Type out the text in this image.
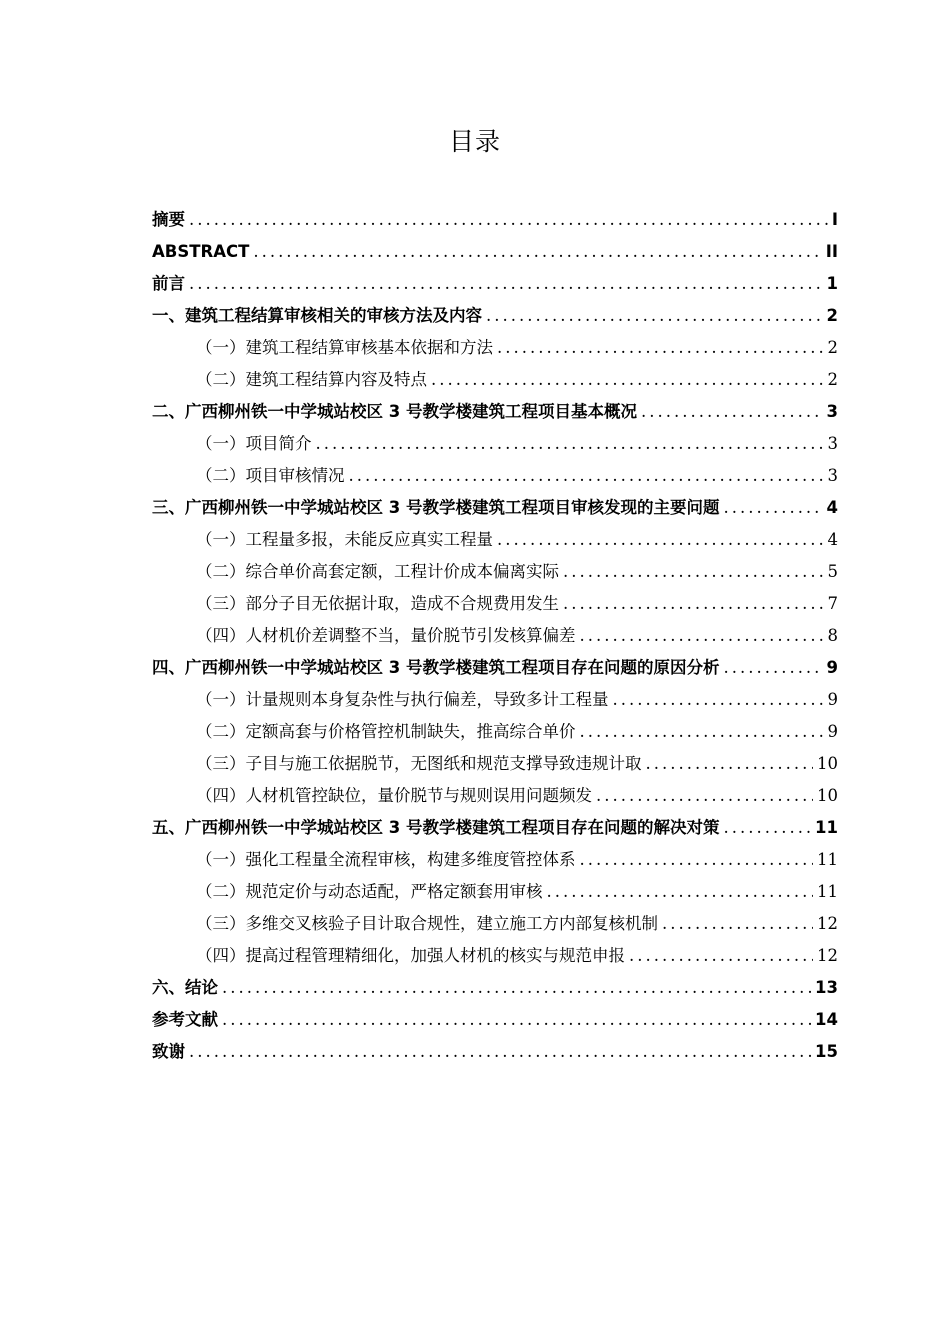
目录
摘要 .....	I
ABSTRACT .....	II
前言 .....	1
一、建筑工程结算审核相关的审核方法及内容 .....	2
（一）建筑工程结算审核基本依据和方法 .....	2
（二）建筑工程结算内容及特点 .....	2
二、广西柳州铁一中学城站校区 3 号教学楼建筑工程项目基本概况 .....	3
（一）项目简介 .....	3
（二）项目审核情况 .....	3
三、广西柳州铁一中学城站校区 3 号教学楼建筑工程项目审核发现的主要问题 .....	4
（一）工程量多报，未能反应真实工程量 .....	4
（二）综合单价高套定额，工程计价成本偏离实际 .....	5
（三）部分子目无依据计取，造成不合规费用发生 .....	7
（四）人材机价差调整不当，量价脱节引发核算偏差 .....	8
四、广西柳州铁一中学城站校区 3 号教学楼建筑工程项目存在问题的原因分析 .....	9
（一）计量规则本身复杂性与执行偏差，导致多计工程量 .....	9
（二）定额高套与价格管控机制缺失，推高综合单价 .....	9
（三）子目与施工依据脱节，无图纸和规范支撑导致违规计取 .....	10
（四）人材机管控缺位，量价脱节与规则误用问题频发 .....	10
五、广西柳州铁一中学城站校区 3 号教学楼建筑工程项目存在问题的解决对策 .....	11
（一）强化工程量全流程审核，构建多维度管控体系 .....	11
（二）规范定价与动态适配，严格定额套用审核 .....	11
（三）多维交叉核验子目计取合规性，建立施工方内部复核机制 .....	12
（四）提高过程管理精细化，加强人材机的核实与规范申报 .....	12
六、结论 .....	13
参考文献 .....	14
致谢 .....	15
